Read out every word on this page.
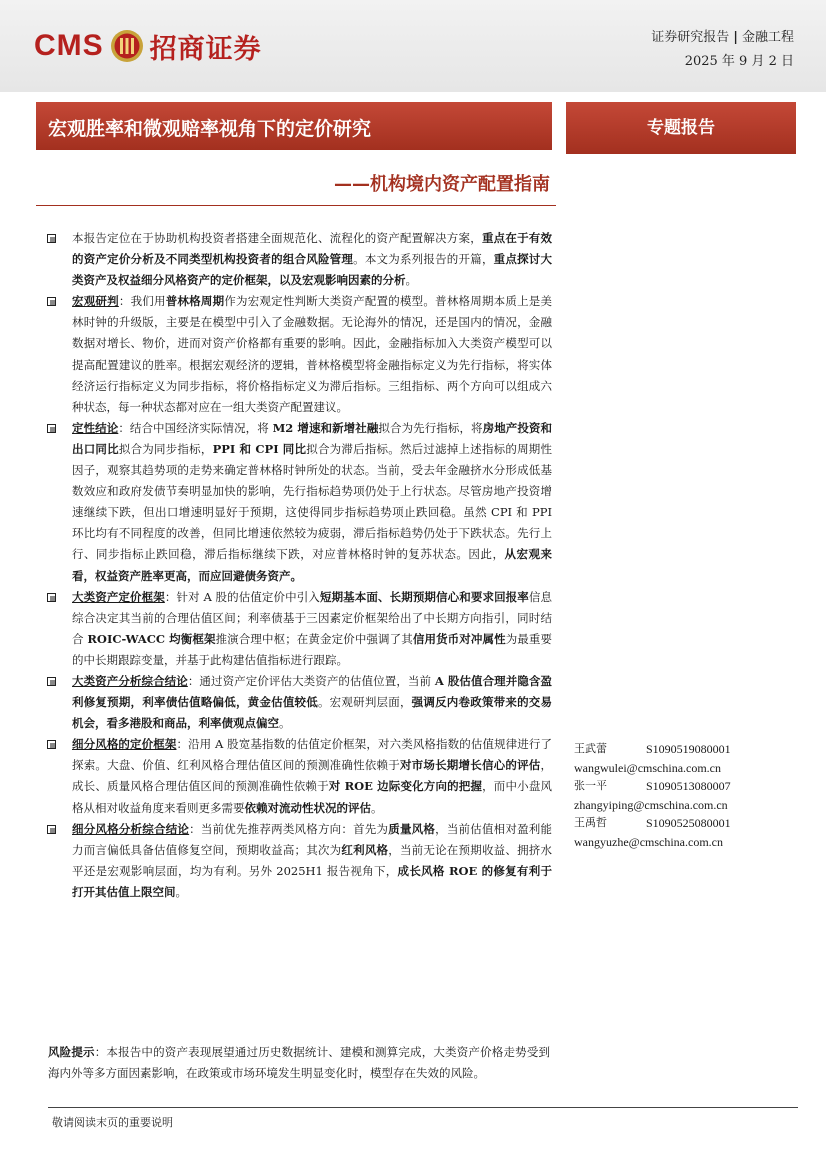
CMS 招商证券	证券研究报告 | 金融工程
2025 年 9 月 2 日
宏观胜率和微观赔率视角下的定价研究
——机构境内资产配置指南
专题报告
本报告定位在于协助机构投资者搭建全面规范化、流程化的资产配置解决方案，重点在于有效的资产定价分析及不同类型机构投资者的组合风险管理。本文为系列报告的开篇，重点探讨大类资产及权益细分风格资产的定价框架，以及宏观影响因素的分析。
宏观研判：我们用普林格周期作为宏观定性判断大类资产配置的模型。普林格周期本质上是美林时钟的升级版，主要是在模型中引入了金融数据。无论海外的情况，还是国内的情况，金融数据对增长、物价，进而对资产价格都有重要的影响。因此，金融指标加入大类资产模型可以提高配置建议的胜率。根据宏观经济的逻辑，普林格模型将金融指标定义为先行指标，将实体经济运行指标定义为同步指标，将价格指标定义为滞后指标。三组指标、两个方向可以组成六种状态，每一种状态都对应在一组大类资产配置建议。
定性结论：结合中国经济实际情况，将 M2 增速和新增社融拟合为先行指标，将房地产投资和出口同比拟合为同步指标，PPI 和 CPI 同比拟合为滞后指标。然后过滤掉上述指标的周期性因子，观察其趋势项的走势来确定普林格时钟所处的状态。当前，受去年金融挤水分形成低基数效应和政府发债节奏明显加快的影响，先行指标趋势项仍处于上行状态。尽管房地产投资增速继续下跌，但出口增速明显好于预期，这使得同步指标趋势项止跌回稳。虽然 CPI 和 PPI 环比均有不同程度的改善，但同比增速依然较为疲弱，滞后指标趋势仍处于下跌状态。先行上行、同步指标止跌回稳，滞后指标继续下跌，对应普林格时钟的复苏状态。因此，从宏观来看，权益资产胜率更高，而应回避债务资产。
大类资产定价框架：针对 A 股的估值定价中引入短期基本面、长期预期信心和要求回报率信息综合决定其当前的合理估值区间；利率债基于三因素定价框架给出了中长期方向指引，同时结合 ROIC-WACC 均衡框架推演合理中枢；在黄金定价中强调了其信用货币对冲属性为最重要的中长期跟踪变量，并基于此构建估值指标进行跟踪。
大类资产分析综合结论：通过资产定价评估大类资产的估值位置，当前 A 股估值合理并隐含盈利修复预期，利率债估值略偏低，黄金估值较低。宏观研判层面，强调反内卷政策带来的交易机会，看多港股和商品，利率债观点偏空。
细分风格的定价框架：沿用 A 股宽基指数的估值定价框架，对六类风格指数的估值规律进行了探索。大盘、价值、红利风格合理估值区间的预测准确性依赖于对市场长期增长信心的评估，成长、质量风格合理估值区间的预测准确性依赖于对 ROE 边际变化方向的把握，而中小盘风格从相对收益角度来看则更多需要依赖对流动性状况的评估。
细分风格分析综合结论：当前优先推荐两类风格方向：首先为质量风格，当前估值相对盈利能力而言偏低具备估值修复空间，预期收益高；其次为红利风格，当前无论在预期收益、拥挤水平还是宏观影响层面，均为有利。另外 2025H1 报告视角下，成长风格 ROE 的修复有利于打开其估值上限空间。
风险提示：本报告中的资产表现展望通过历史数据统计、建模和测算完成，大类资产价格走势受到海内外等多方面因素影响，在政策或市场环境发生明显变化时，模型存在失效的风险。
王武蕾	S1090519080001
wangwulei@cmschina.com.cn
张一平	S1090513080007
zhangyiping@cmschina.com.cn
王禹哲	S1090525080001
wangyuzhe@cmschina.com.cn
敬请阅读末页的重要说明
